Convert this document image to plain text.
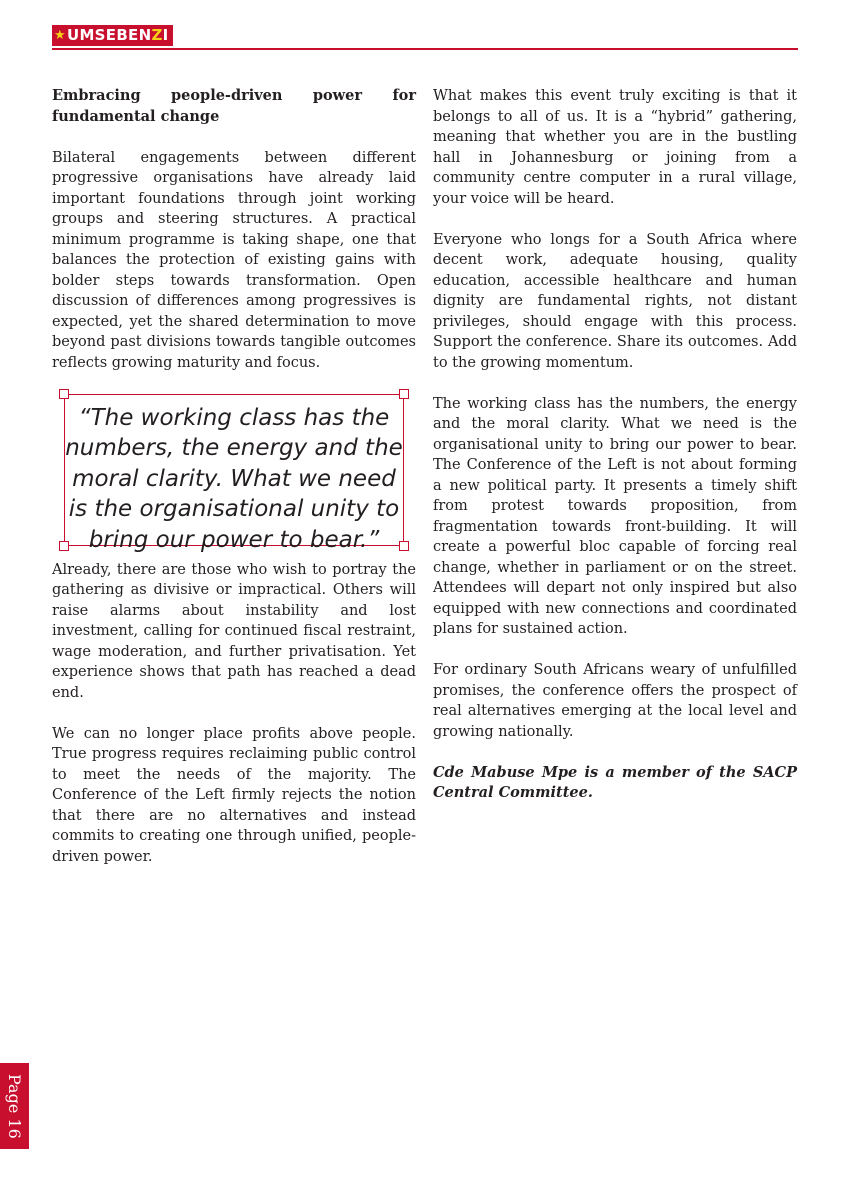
★ UMSEBEN Z I
Embracing people-driven power for fundamental change

Bilateral engagements between different progressive organisations have already laid important foundations through joint working groups and steering structures. A practical minimum programme is taking shape, one that balances the protection of existing gains with bolder steps towards transformation. Open discussion of differences among progressives is expected, yet the shared determination to move beyond past divisions towards tangible outcomes reflects growing maturity and focus.

“The working class has the numbers, the energy and the moral clarity. What we need is the organisational unity to bring our power to bear.”

Already, there are those who wish to portray the gathering as divisive or impractical. Others will raise alarms about instability and lost investment, calling for continued fiscal restraint, wage moderation, and further privatisation. Yet experience shows that path has reached a dead end.

We can no longer place profits above people. True progress requires reclaiming public control to meet the needs of the majority. The Conference of the Left firmly rejects the notion that there are no alternatives and instead commits to creating one through unified, people-driven power.

What makes this event truly exciting is that it belongs to all of us. It is a “hybrid” gathering, meaning that whether you are in the bustling hall in Johannesburg or joining from a community centre computer in a rural village, your voice will be heard.

Everyone who longs for a South Africa where decent work, adequate housing, quality education, accessible healthcare and human dignity are fundamental rights, not distant privileges, should engage with this process. Support the conference. Share its outcomes. Add to the growing momentum.

The working class has the numbers, the energy and the moral clarity. What we need is the organisational unity to bring our power to bear. The Conference of the Left is not about forming a new political party. It presents a timely shift from protest towards proposition, from fragmentation towards front-building. It will create a powerful bloc capable of forcing real change, whether in parliament or on the street. Attendees will depart not only inspired but also equipped with new connections and coordinated plans for sustained action.

For ordinary South Africans weary of unfulfilled promises, the conference offers the prospect of real alternatives emerging at the local level and growing nationally.

Cde Mabuse Mpe is a member of the SACP Central Committee.

Page 16
